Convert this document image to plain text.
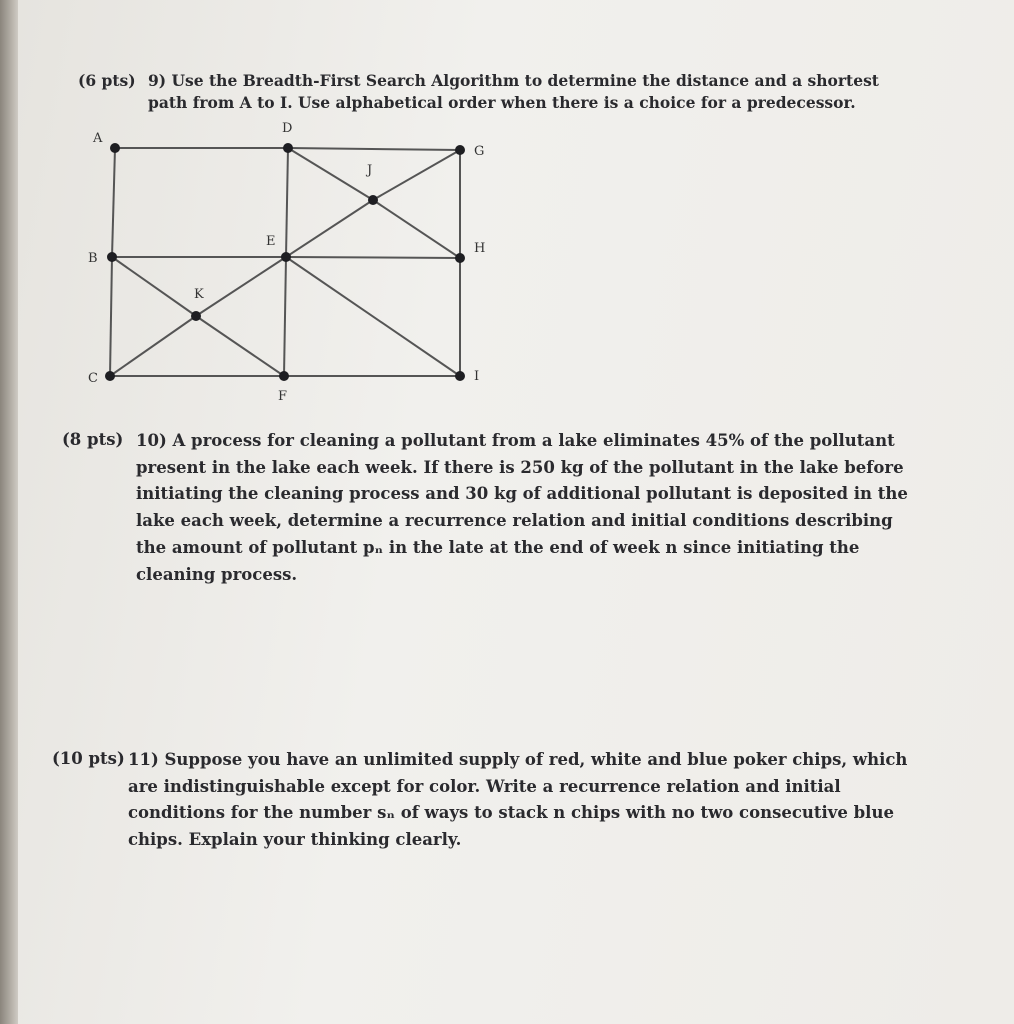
(6 pts) 9) Use the Breadth-First Search Algorithm to determine the distance and a shortest path from A to I. Use alphabetical order when there is a choice for a predecessor.
A
B
C
D
E
F
G
H
I
J
K
(8 pts) 10) A process for cleaning a pollutant from a lake eliminates 45% of the pollutant present in the lake each week. If there is 250 kg of the pollutant in the lake before initiating the cleaning process and 30 kg of additional pollutant is deposited in the lake each week, determine a recurrence relation and initial conditions describing the amount of pollutant pₙ in the late at the end of week n since initiating the cleaning process.
(10 pts) 11) Suppose you have an unlimited supply of red, white and blue poker chips, which are indistinguishable except for color. Write a recurrence relation and initial conditions for the number sₙ of ways to stack n chips with no two consecutive blue chips. Explain your thinking clearly.
